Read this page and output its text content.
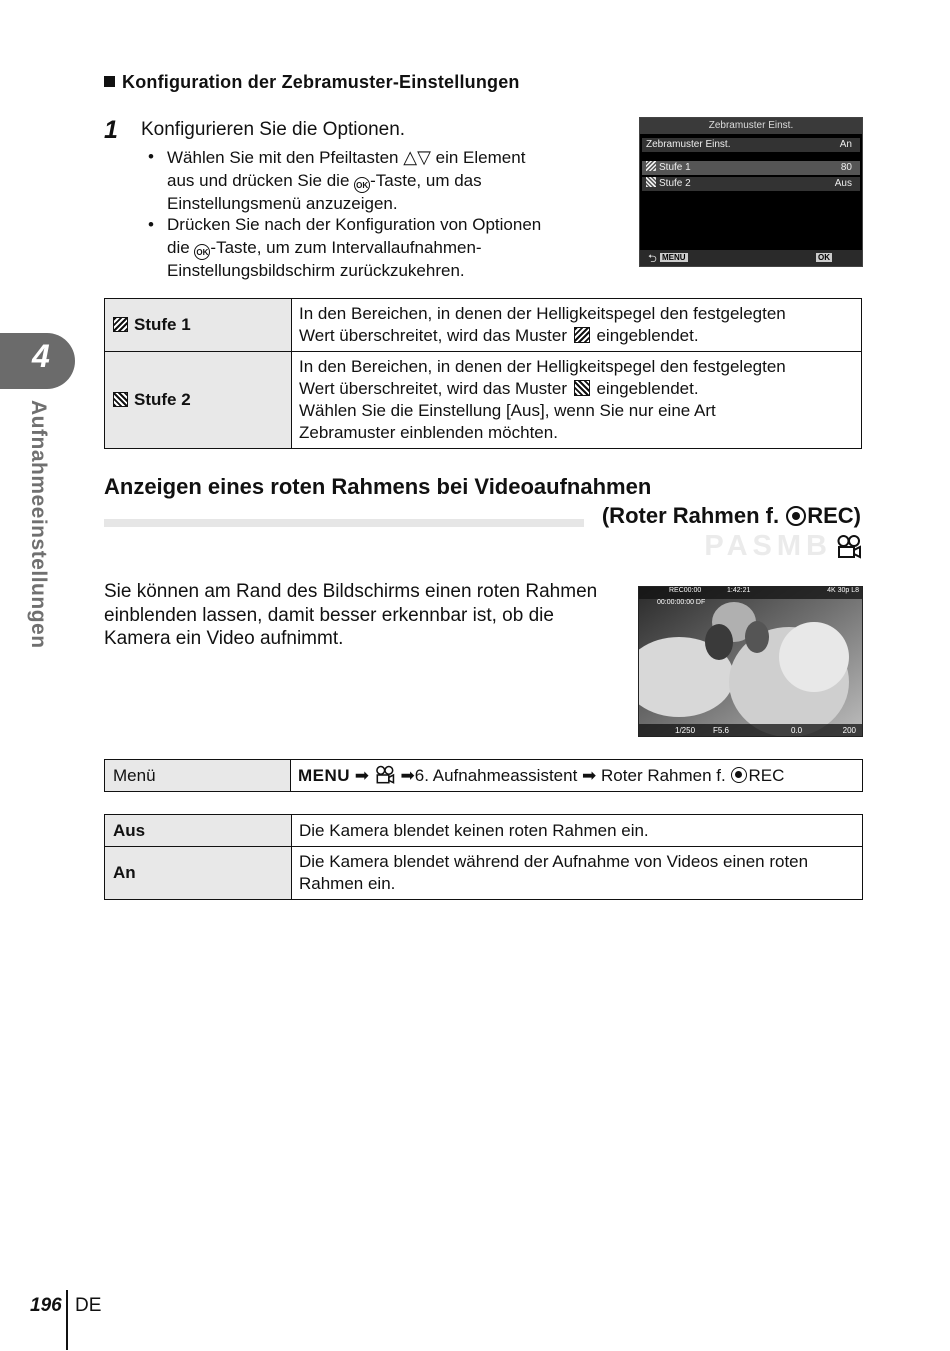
Konfiguration der Zebramuster-Einstellungen
1 Konfigurieren Sie die Optionen.
• Wählen Sie mit den Pfeiltasten △▽ ein Element
aus und drücken Sie die OK -Taste, um das
Einstellungsmenü anzuzeigen.
• Drücken Sie nach der Konfiguration von Optionen
die OK -Taste, um zum Intervallaufnahmen-
Einstellungsbildschirm zurückzukehren.
Zebramuster Einst.
Zebramuster Einst.	An
Stufe 1	80
Stufe 2	Aus
⮌ MENU	OK
Stufe 1	In den Bereichen, in denen der Helligkeitspegel den festgelegten
Wert überschreitet, wird das Muster  eingeblendet.
Stufe 2	In den Bereichen, in denen der Helligkeitspegel den festgelegten
Wert überschreitet, wird das Muster  eingeblendet.
Wählen Sie die Einstellung [Aus], wenn Sie nur eine Art
Zebramuster einblenden möchten.
Anzeigen eines roten Rahmens bei Videoaufnahmen
(Roter Rahmen f. REC)
PASMB
Sie können am Rand des Bildschirms einen roten Rahmen
einblenden lassen, damit besser erkennbar ist, ob die
Kamera ein Video aufnimmt.
REC00:00	1:42:21	4K 30p L8
00:00:00:00 DF
1/250 F5.6	0.0	200
Menü	MENU ➡ ➡6. Aufnahmeassistent ➡ Roter Rahmen f. REC
Aus	Die Kamera blendet keinen roten Rahmen ein.
An	Die Kamera blendet während der Aufnahme von Videos einen roten
Rahmen ein.
4
Aufnahmeeinstellungen
196 DE
